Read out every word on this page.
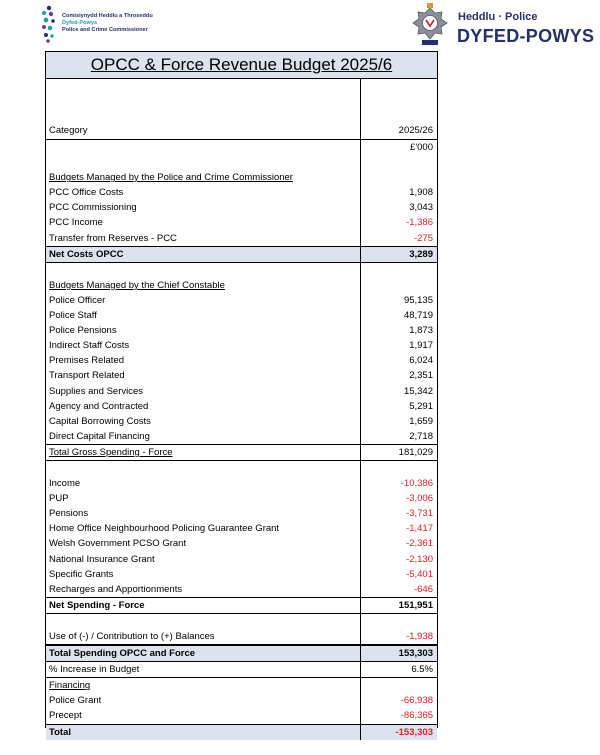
Comisiynydd Heddlu a Throseddu
Dyfed-Powys
Police and Crime Commissioner
Heddlu · Police
DYFED-POWYS
OPCC & Force Revenue Budget 2025/6
Category	2025/26
£'000
Budgets Managed by the Police and Crime Commissioner
PCC Office Costs	1,908
PCC Commissioning	3,043
PCC Income	-1,386
Transfer from Reserves - PCC	-275
Net Costs OPCC	3,289
Budgets Managed by the Chief Constable
Police Officer	95,135
Police Staff	48,719
Police Pensions	1,873
Indirect Staff Costs	1,917
Premises Related	6,024
Transport Related	2,351
Supplies and Services	15,342
Agency and Contracted	5,291
Capital Borrowing Costs	1,659
Direct Capital Financing	2,718
Total Gross Spending - Force	181,029
Income	-10,386
PUP	-3,006
Pensions	-3,731
Home Office Neighbourhood Policing Guarantee Grant	-1,417
Welsh Government PCSO Grant	-2,361
National Insurance Grant	-2,130
Specific Grants	-5,401
Recharges and Apportionments	-646
Net Spending - Force	151,951
Use of (-) / Contribution to (+) Balances	-1,938
Total Spending OPCC and Force	153,303
% Increase in Budget	6.5%
Financing
Police Grant	-66,938
Precept	-86,365
Total	-153,303
